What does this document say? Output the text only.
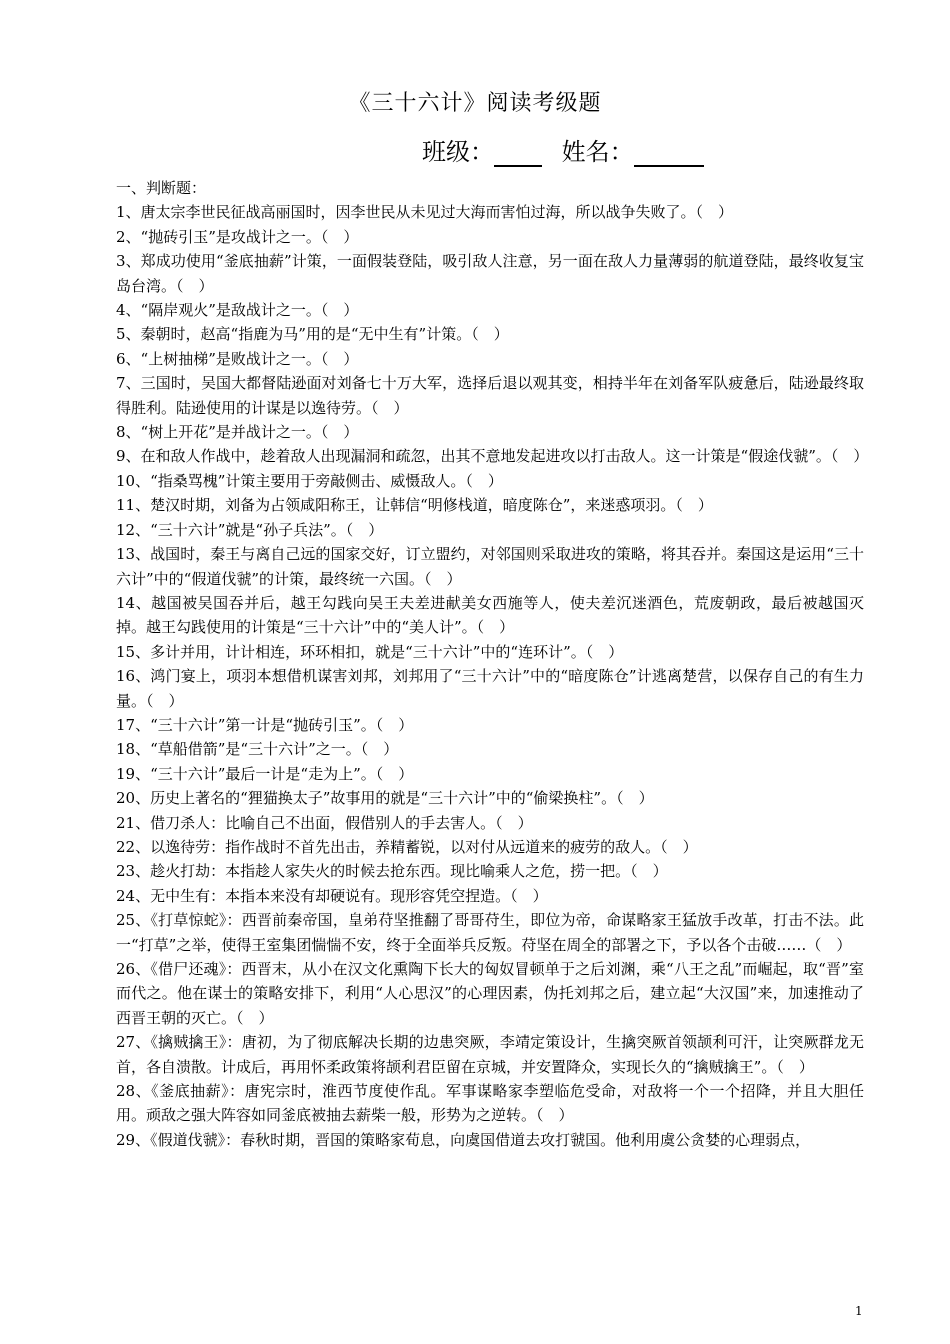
《三十六计》阅读考级题
班级：	姓名：

一、判断题：

1、唐太宗李世民征战高丽国时，因李世民从未见过大海而害怕过海，所以战争失败了。（　）

2、“抛砖引玉”是攻战计之一。（　）

3、郑成功使用“釜底抽薪”计策，一面假装登陆，吸引敌人注意，另一面在敌人力量薄弱的航道登陆，最终收复宝岛台湾。（　）

4、“隔岸观火”是敌战计之一。（　）

5、秦朝时，赵高“指鹿为马”用的是“无中生有”计策。（　）

6、“上树抽梯”是败战计之一。（　）

7、三国时，吴国大都督陆逊面对刘备七十万大军，选择后退以观其变，相持半年在刘备军队疲惫后，陆逊最终取得胜利。陆逊使用的计谋是以逸待劳。（　）

8、“树上开花”是并战计之一。（　）

9、在和敌人作战中，趁着敌人出现漏洞和疏忽，出其不意地发起进攻以打击敌人。这一计策是“假途伐虢”。（　）

10、“指桑骂槐”计策主要用于旁敲侧击、威慑敌人。（　）

11、楚汉时期，刘备为占领咸阳称王，让韩信“明修栈道，暗度陈仓”，来迷惑项羽。（　）

12、“三十六计”就是“孙子兵法”。（　）

13、战国时，秦王与离自己远的国家交好，订立盟约，对邻国则采取进攻的策略，将其吞并。秦国这是运用“三十六计”中的“假道伐虢”的计策，最终统一六国。（　）

14、越国被吴国吞并后，越王勾践向吴王夫差进献美女西施等人，使夫差沉迷酒色，荒废朝政，最后被越国灭掉。越王勾践使用的计策是“三十六计”中的“美人计”。（　）

15、多计并用，计计相连，环环相扣，就是“三十六计”中的“连环计”。（　）

16、鸿门宴上，项羽本想借机谋害刘邦，刘邦用了“三十六计”中的“暗度陈仓”计逃离楚营，以保存自己的有生力量。（　）

17、“三十六计”第一计是“抛砖引玉”。（　）

18、“草船借箭”是“三十六计”之一。（　）

19、“三十六计”最后一计是“走为上”。（　）

20、历史上著名的“狸猫换太子”故事用的就是“三十六计”中的“偷梁换柱”。（　）

21、借刀杀人：比喻自己不出面，假借别人的手去害人。（　）

22、以逸待劳：指作战时不首先出击，养精蓄锐，以对付从远道来的疲劳的敌人。（　）

23、趁火打劫：本指趁人家失火的时候去抢东西。现比喻乘人之危，捞一把。（　）

24、无中生有：本指本来没有却硬说有。现形容凭空捏造。（　）

25、《打草惊蛇》：西晋前秦帝国，皇弟苻坚推翻了哥哥苻生，即位为帝，命谋略家王猛放手改革，打击不法。此一“打草”之举，使得王室集团惴惴不安，终于全面举兵反叛。苻坚在周全的部署之下，予以各个击破……（　）

26、《借尸还魂》：西晋末，从小在汉文化熏陶下长大的匈奴冒顿单于之后刘渊，乘“八王之乱”而崛起，取“晋”室而代之。他在谋士的策略安排下，利用“人心思汉”的心理因素，伪托刘邦之后，建立起“大汉国”来，加速推动了西晋王朝的灭亡。（　）

27、《擒贼擒王》：唐初，为了彻底解决长期的边患突厥，李靖定策设计，生擒突厥首领颉利可汗，让突厥群龙无首，各自溃散。计成后，再用怀柔政策将颉利君臣留在京城，并安置降众，实现长久的“擒贼擒王”。（　）

28、《釜底抽薪》：唐宪宗时，淮西节度使作乱。军事谋略家李塑临危受命，对敌将一个一个招降，并且大胆任用。顽敌之强大阵容如同釜底被抽去薪柴一般，形势为之逆转。（　）

29、《假道伐虢》：春秋时期，晋国的策略家荀息，向虞国借道去攻打虢国。他利用虞公贪婪的心理弱点，

1
